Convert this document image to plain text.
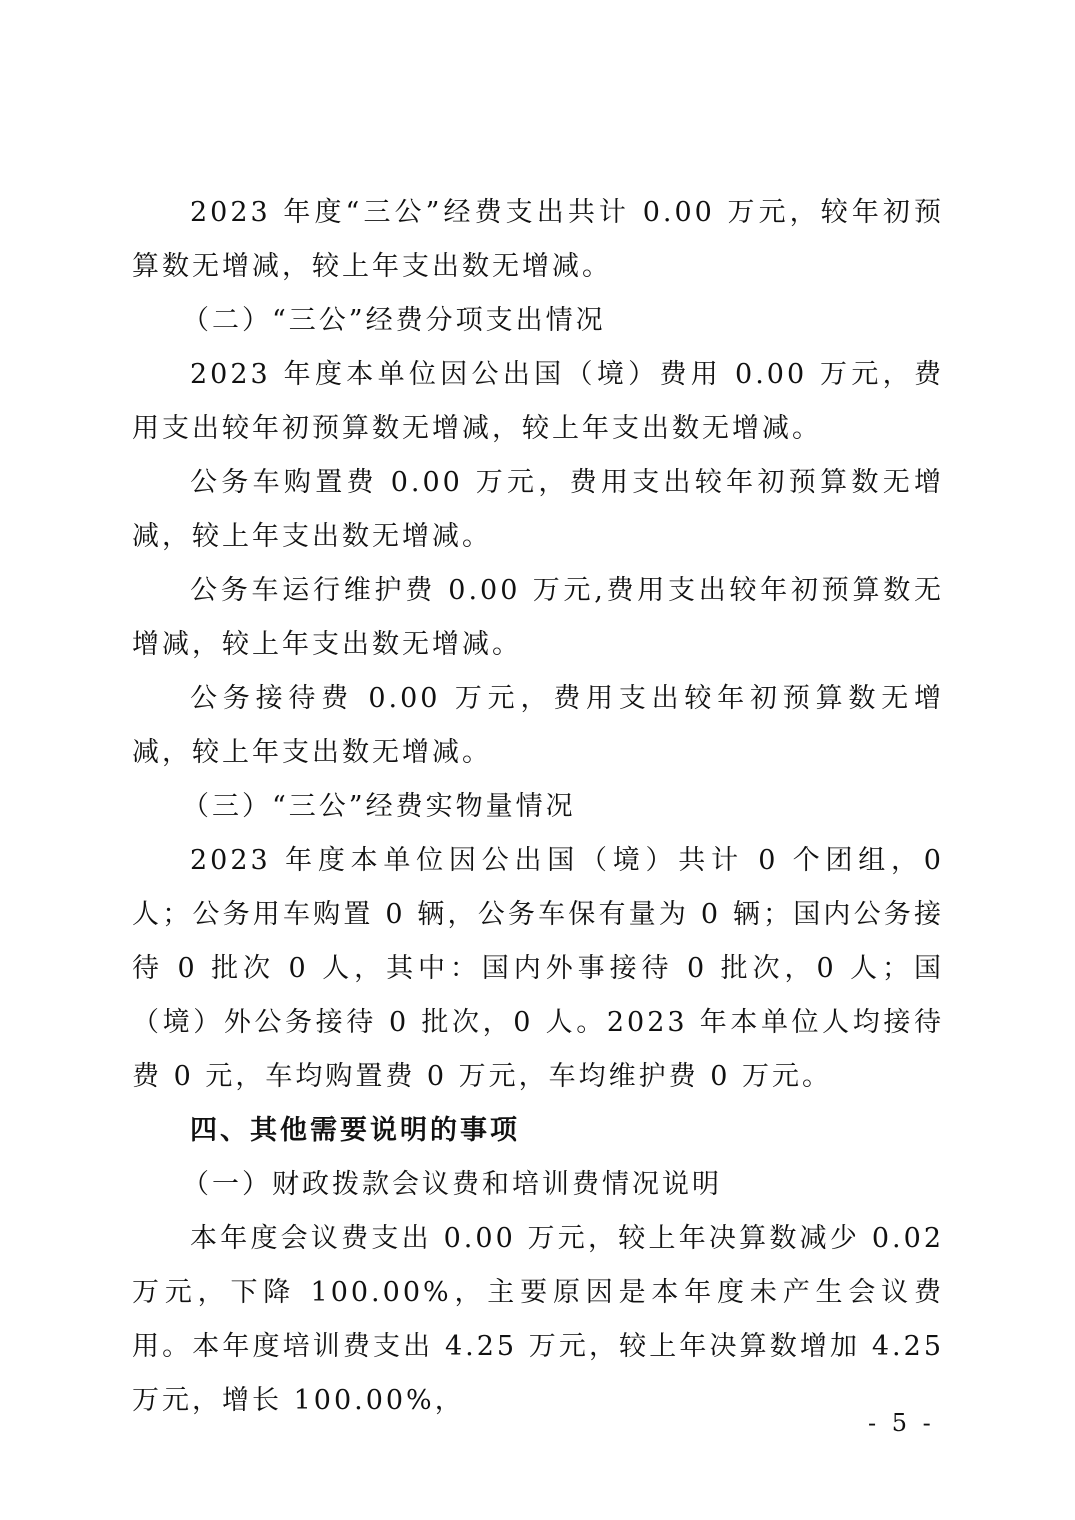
2023 年度“三公”经费支出共计 0.00 万元，较年初预算数无增减，较上年支出数无增减。

（二）“三公”经费分项支出情况

2023 年度本单位因公出国（境）费用 0.00 万元，费用支出较年初预算数无增减，较上年支出数无增减。

公务车购置费 0.00 万元，费用支出较年初预算数无增减，较上年支出数无增减。

公务车运行维护费 0.00 万元,费用支出较年初预算数无增减，较上年支出数无增减。

公务接待费 0.00 万元，费用支出较年初预算数无增减，较上年支出数无增减。

（三）“三公”经费实物量情况

2023 年度本单位因公出国（境）共计 0 个团组，0 人；公务用车购置 0 辆，公务车保有量为 0 辆；国内公务接待 0 批次 0 人，其中：国内外事接待 0 批次，0 人；国（境）外公务接待 0 批次，0 人。2023 年本单位人均接待费 0 元，车均购置费 0 万元，车均维护费 0 万元。

四、其他需要说明的事项

（一）财政拨款会议费和培训费情况说明

本年度会议费支出 0.00 万元，较上年决算数减少 0.02 万元，下降 100.00%，主要原因是本年度未产生会议费用。本年度培训费支出 4.25 万元，较上年决算数增加 4.25 万元，增长 100.00%，

- 5 -
